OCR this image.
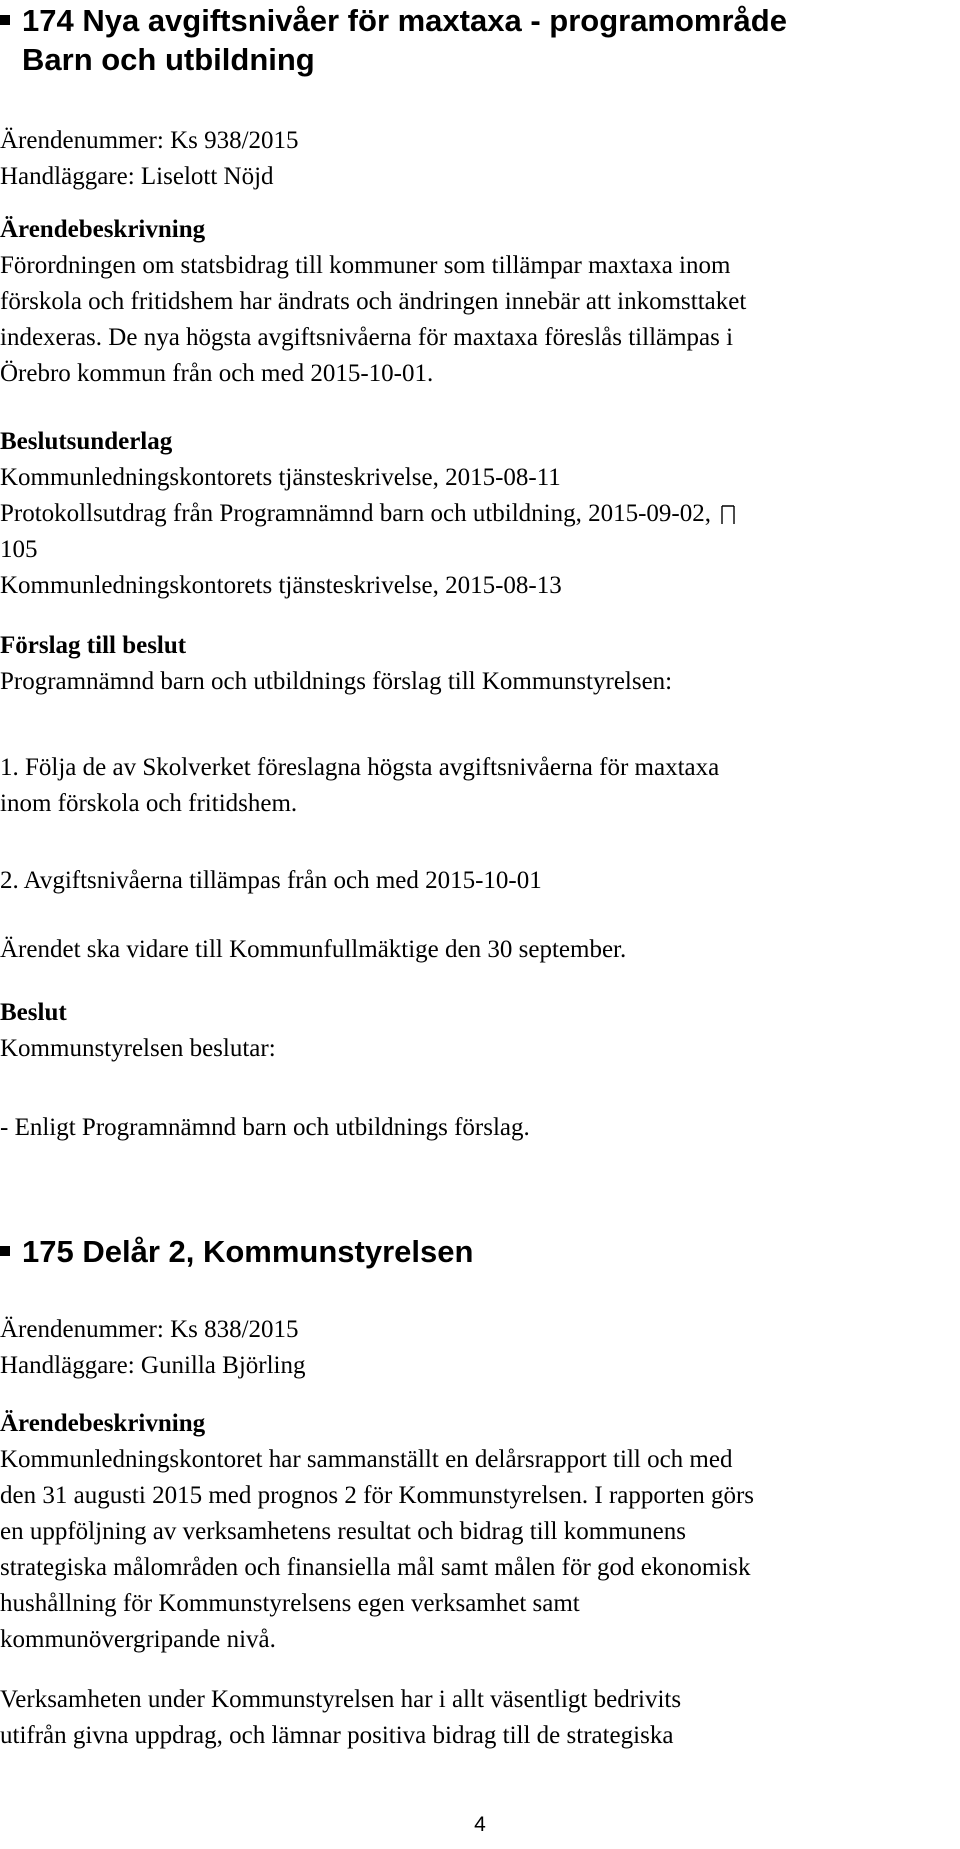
174 Nya avgiftsnivåer för maxtaxa - programområde
Barn och utbildning
Ärendenummer: Ks 938/2015
Handläggare: Liselott Nöjd
Ärendebeskrivning
Förordningen om statsbidrag till kommuner som tillämpar maxtaxa inom
förskola och fritidshem har ändrats och ändringen innebär att inkomsttaket
indexeras. De nya högsta avgiftsnivåerna för maxtaxa föreslås tillämpas i
Örebro kommun från och med 2015-10-01.
Beslutsunderlag
Kommunledningskontorets tjänsteskrivelse, 2015-08-11
Protokollsutdrag från Programnämnd barn och utbildning, 2015-09-02,
105
Kommunledningskontorets tjänsteskrivelse, 2015-08-13
Förslag till beslut
Programnämnd barn och utbildnings förslag till Kommunstyrelsen:
1. Följa de av Skolverket föreslagna högsta avgiftsnivåerna för maxtaxa
inom förskola och fritidshem.
2. Avgiftsnivåerna tillämpas från och med 2015-10-01
Ärendet ska vidare till Kommunfullmäktige den 30 september.
Beslut
Kommunstyrelsen beslutar:
- Enligt Programnämnd barn och utbildnings förslag.
175 Delår 2, Kommunstyrelsen
Ärendenummer: Ks 838/2015
Handläggare: Gunilla Björling
Ärendebeskrivning
Kommunledningskontoret har sammanställt en delårsrapport till och med
den 31 augusti 2015 med prognos 2 för Kommunstyrelsen. I rapporten görs
en uppföljning av verksamhetens resultat och bidrag till kommunens
strategiska målområden och finansiella mål samt målen för god ekonomisk
hushållning för Kommunstyrelsens egen verksamhet samt
kommunövergripande nivå.
Verksamheten under Kommunstyrelsen har i allt väsentligt bedrivits
utifrån givna uppdrag, och lämnar positiva bidrag till de strategiska
4
